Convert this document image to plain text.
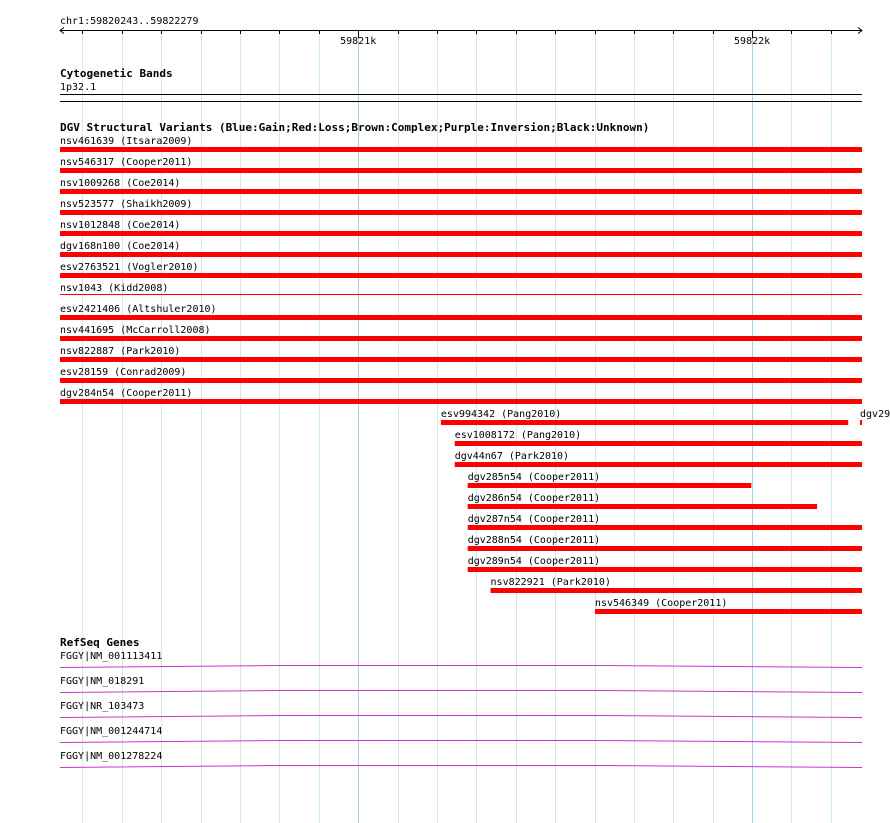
chr1:59820243..59822279
59821k	59822k
Cytogenetic Bands
1p32.1
DGV Structural Variants (Blue:Gain;Red:Loss;Brown:Complex;Purple:Inversion;Black:Unknown)
nsv461639 (Itsara2009)
nsv546317 (Cooper2011)
nsv1009268 (Coe2014)
nsv523577 (Shaikh2009)
nsv1012848 (Coe2014)
dgv168n100 (Coe2014)
esv2763521 (Vogler2010)
nsv1043 (Kidd2008)
esv2421406 (Altshuler2010)
nsv441695 (McCarroll2008)
nsv822887 (Park2010)
esv28159 (Conrad2009)
dgv284n54 (Cooper2011)
esv994342 (Pang2010)
esv1008172 (Pang2010)
dgv44n67 (Park2010)
dgv285n54 (Cooper2011)
dgv286n54 (Cooper2011)
dgv287n54 (Cooper2011)
dgv288n54 (Cooper2011)
dgv289n54 (Cooper2011)
nsv822921 (Park2010)
nsv546349 (Cooper2011)
dgv29
RefSeq Genes
FGGY|NM_001113411
FGGY|NM_018291
FGGY|NR_103473
FGGY|NM_001244714
FGGY|NM_001278224
